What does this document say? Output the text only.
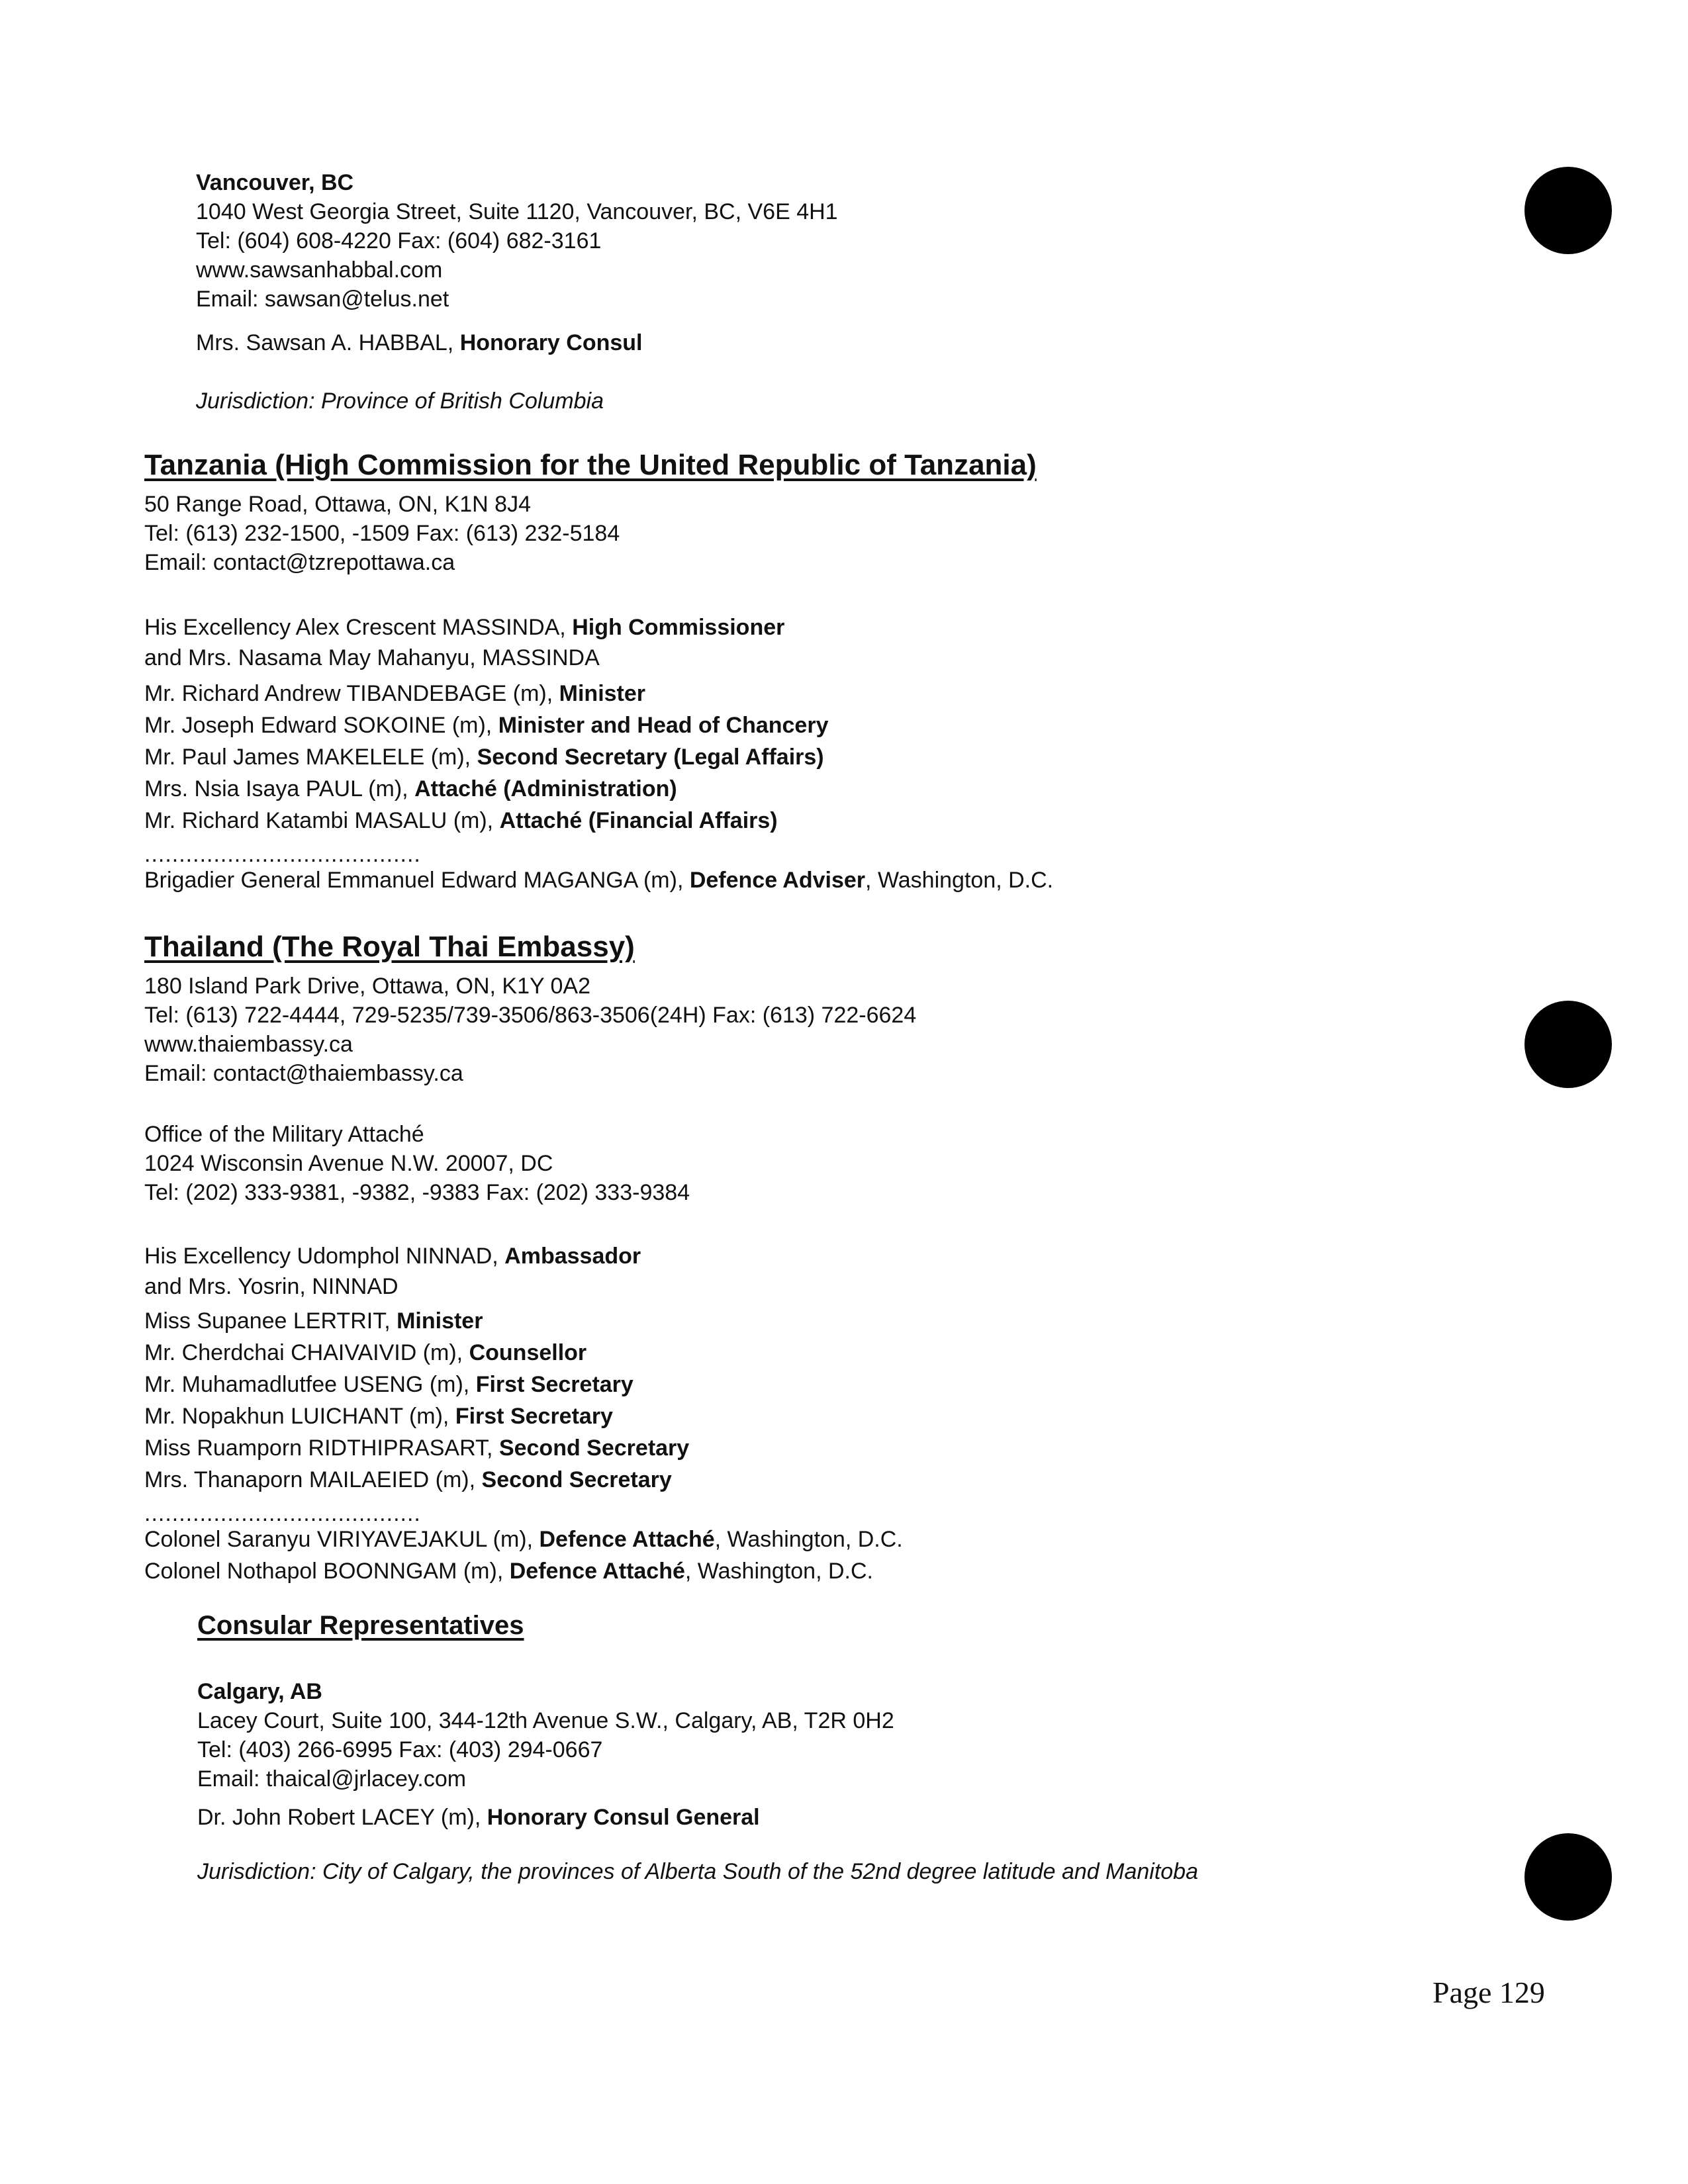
Vancouver, BC
1040 West Georgia Street, Suite 1120, Vancouver, BC, V6E 4H1
Tel: (604) 608-4220 Fax: (604) 682-3161
www.sawsanhabbal.com
Email: sawsan@telus.net
Mrs. Sawsan A. HABBAL, Honorary Consul
Jurisdiction: Province of British Columbia
Tanzania (High Commission for the United Republic of Tanzania)
50 Range Road, Ottawa, ON, K1N 8J4
Tel: (613) 232-1500, -1509 Fax: (613) 232-5184
Email: contact@tzrepottawa.ca
His Excellency Alex Crescent MASSINDA, High Commissioner
and Mrs. Nasama May Mahanyu, MASSINDA
Mr. Richard Andrew TIBANDEBAGE (m), Minister
Mr. Joseph Edward SOKOINE (m), Minister and Head of Chancery
Mr. Paul James MAKELELE (m), Second Secretary (Legal Affairs)
Mrs. Nsia Isaya PAUL (m), Attaché (Administration)
Mr. Richard Katambi MASALU (m), Attaché (Financial Affairs)
........................................
Brigadier General Emmanuel Edward MAGANGA (m), Defence Adviser, Washington, D.C.
Thailand (The Royal Thai Embassy)
180 Island Park Drive, Ottawa, ON, K1Y 0A2
Tel: (613) 722-4444, 729-5235/739-3506/863-3506(24H) Fax: (613) 722-6624
www.thaiembassy.ca
Email: contact@thaiembassy.ca
Office of the Military Attaché
1024 Wisconsin Avenue N.W. 20007, DC
Tel: (202) 333-9381, -9382, -9383 Fax: (202) 333-9384
His Excellency Udomphol NINNAD, Ambassador
and Mrs. Yosrin, NINNAD
Miss Supanee LERTRIT, Minister
Mr. Cherdchai CHAIVAIVID (m), Counsellor
Mr. Muhamadlutfee USENG (m), First Secretary
Mr. Nopakhun LUICHANT (m), First Secretary
Miss Ruamporn RIDTHIPRASART, Second Secretary
Mrs. Thanaporn MAILAEIED (m), Second Secretary
........................................
Colonel Saranyu VIRIYAVEJAKUL (m), Defence Attaché, Washington, D.C.
Colonel Nothapol BOONNGAM (m), Defence Attaché, Washington, D.C.
Consular Representatives
Calgary, AB
Lacey Court, Suite 100, 344-12th Avenue S.W., Calgary, AB, T2R 0H2
Tel: (403) 266-6995 Fax: (403) 294-0667
Email: thaical@jrlacey.com
Dr. John Robert LACEY (m), Honorary Consul General
Jurisdiction: City of Calgary, the provinces of Alberta South of the 52nd degree latitude and Manitoba
Page 129
